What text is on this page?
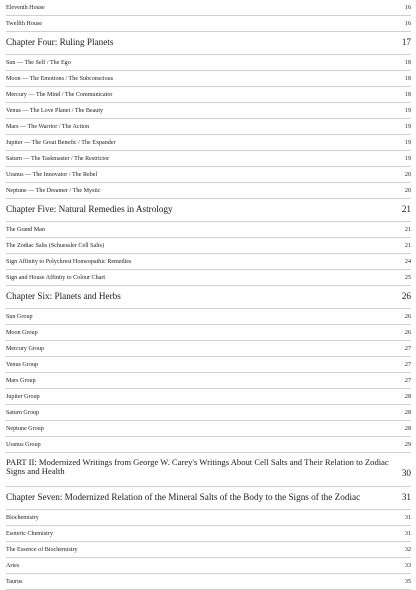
Eleventh House	16
Twelfth House	16
Chapter Four: Ruling Planets	17
Sun — The Self / The Ego	18
Moon — The Emotions / The Subconscious	18
Mercury — The Mind / The Communicator	18
Venus — The Love Planet / The Beauty	19
Mars — The Warrior / The Action	19
Jupiter — The Great Benefic / The Expander	19
Saturn — The Taskmaster / The Restrictor	19
Uranus — The Innovator / The Rebel	20
Neptune — The Dreamer / The Mystic	20
Chapter Five: Natural Remedies in Astrology	21
The Grand Man	21
The Zodiac Salts (Schuessler Cell Salts)	21
Sign Affinity to Polychrest Homeopathic Remedies	24
Sign and House Affinity to Colour Chart	25
Chapter Six: Planets and Herbs	26
Sun Group	26
Moon Group	26
Mercury Group	27
Venus Group	27
Mars Group	27
Jupiter Group	28
Saturn Group	28
Neptune Group	28
Uranus Group	29
PART II: Modernized Writings from George W. Carey's Writings About Cell Salts and Their Relation to Zodiac Signs and Health	30
Chapter Seven: Modernized Relation of the Mineral Salts of the Body to the Signs of the Zodiac	31
Biochemistry	31
Esoteric Chemistry	31
The Essence of Biochemistry	32
Aries	33
Taurus	35
